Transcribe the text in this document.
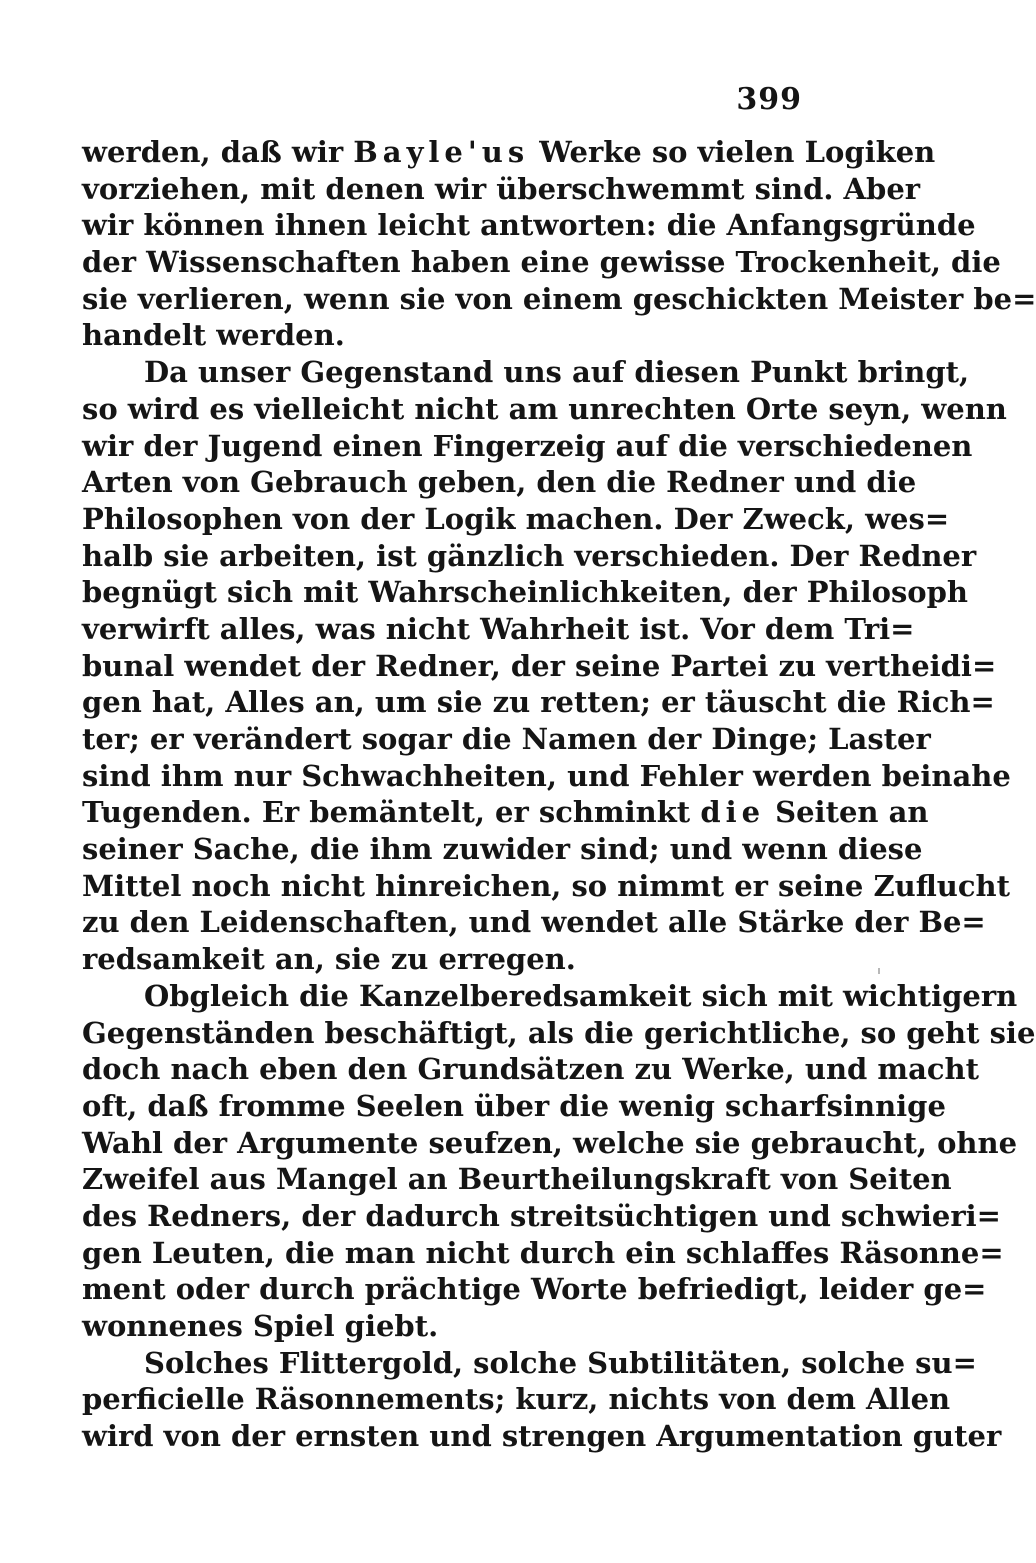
399
werden, daß wir Bayle'us Werke so vielen Logiken
vorziehen, mit denen wir überschwemmt sind. Aber
wir können ihnen leicht antworten: die Anfangsgründe
der Wissenschaften haben eine gewisse Trockenheit, die
sie verlieren, wenn sie von einem geschickten Meister be=
handelt werden.
Da unser Gegenstand uns auf diesen Punkt bringt,
so wird es vielleicht nicht am unrechten Orte seyn, wenn
wir der Jugend einen Fingerzeig auf die verschiedenen
Arten von Gebrauch geben, den die Redner und die
Philosophen von der Logik machen. Der Zweck, wes=
halb sie arbeiten, ist gänzlich verschieden. Der Redner
begnügt sich mit Wahrscheinlichkeiten, der Philosoph
verwirft alles, was nicht Wahrheit ist. Vor dem Tri=
bunal wendet der Redner, der seine Partei zu vertheidi=
gen hat, Alles an, um sie zu retten; er täuscht die Rich=
ter; er verändert sogar die Namen der Dinge; Laster
sind ihm nur Schwachheiten, und Fehler werden beinahe
Tugenden. Er bemäntelt, er schminkt die Seiten an
seiner Sache, die ihm zuwider sind; und wenn diese
Mittel noch nicht hinreichen, so nimmt er seine Zuflucht
zu den Leidenschaften, und wendet alle Stärke der Be=
redsamkeit an, sie zu erregen.
Obgleich die Kanzelberedsamkeit sich mit wichtigern
Gegenständen beschäftigt, als die gerichtliche, so geht sie
doch nach eben den Grundsätzen zu Werke, und macht
oft, daß fromme Seelen über die wenig scharfsinnige
Wahl der Argumente seufzen, welche sie gebraucht, ohne
Zweifel aus Mangel an Beurtheilungskraft von Seiten
des Redners, der dadurch streitsüchtigen und schwieri=
gen Leuten, die man nicht durch ein schlaffes Räsonne=
ment oder durch prächtige Worte befriedigt, leider ge=
wonnenes Spiel giebt.
Solches Flittergold, solche Subtilitäten, solche su=
perficielle Räsonnements; kurz, nichts von dem Allen
wird von der ernsten und strengen Argumentation guter
